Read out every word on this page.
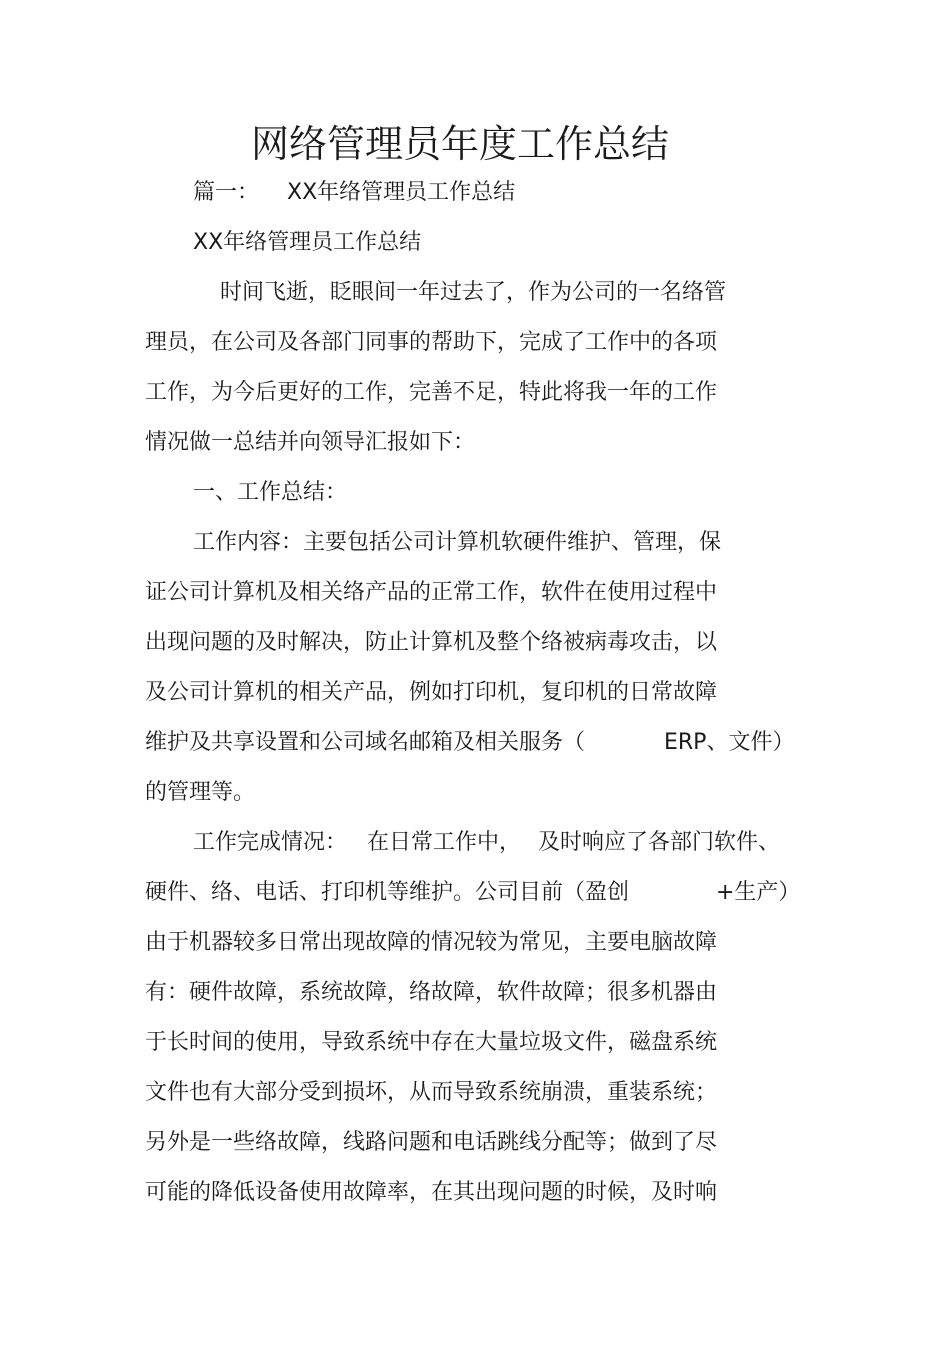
网络管理员年度工作总结
篇一： XX年络管理员工作总结
XX年络管理员工作总结
时间飞逝，眨眼间一年过去了，作为公司的一名络管
理员，在公司及各部门同事的帮助下，完成了工作中的各项
工作，为今后更好的工作，完善不足，特此将我一年的工作
情况做一总结并向领导汇报如下：
一、工作总结：
工作内容：主要包括公司计算机软硬件维护、管理，保
证公司计算机及相关络产品的正常工作，软件在使用过程中
出现问题的及时解决，防止计算机及整个络被病毒攻击，以
及公司计算机的相关产品，例如打印机，复印机的日常故障
维护及共享设置和公司域名邮箱及相关服务（	ERP、文件）
的管理等。
工作完成情况： 在日常工作中， 及时响应了各部门软件、
硬件、络、电话、打印机等维护。公司目前（盈创	+生产）
由于机器较多日常出现故障的情况较为常见，主要电脑故障
有：硬件故障，系统故障，络故障，软件故障；很多机器由
于长时间的使用，导致系统中存在大量垃圾文件，磁盘系统
文件也有大部分受到损坏，从而导致系统崩溃，重装系统；
另外是一些络故障，线路问题和电话跳线分配等；做到了尽
可能的降低设备使用故障率，在其出现问题的时候，及时响
